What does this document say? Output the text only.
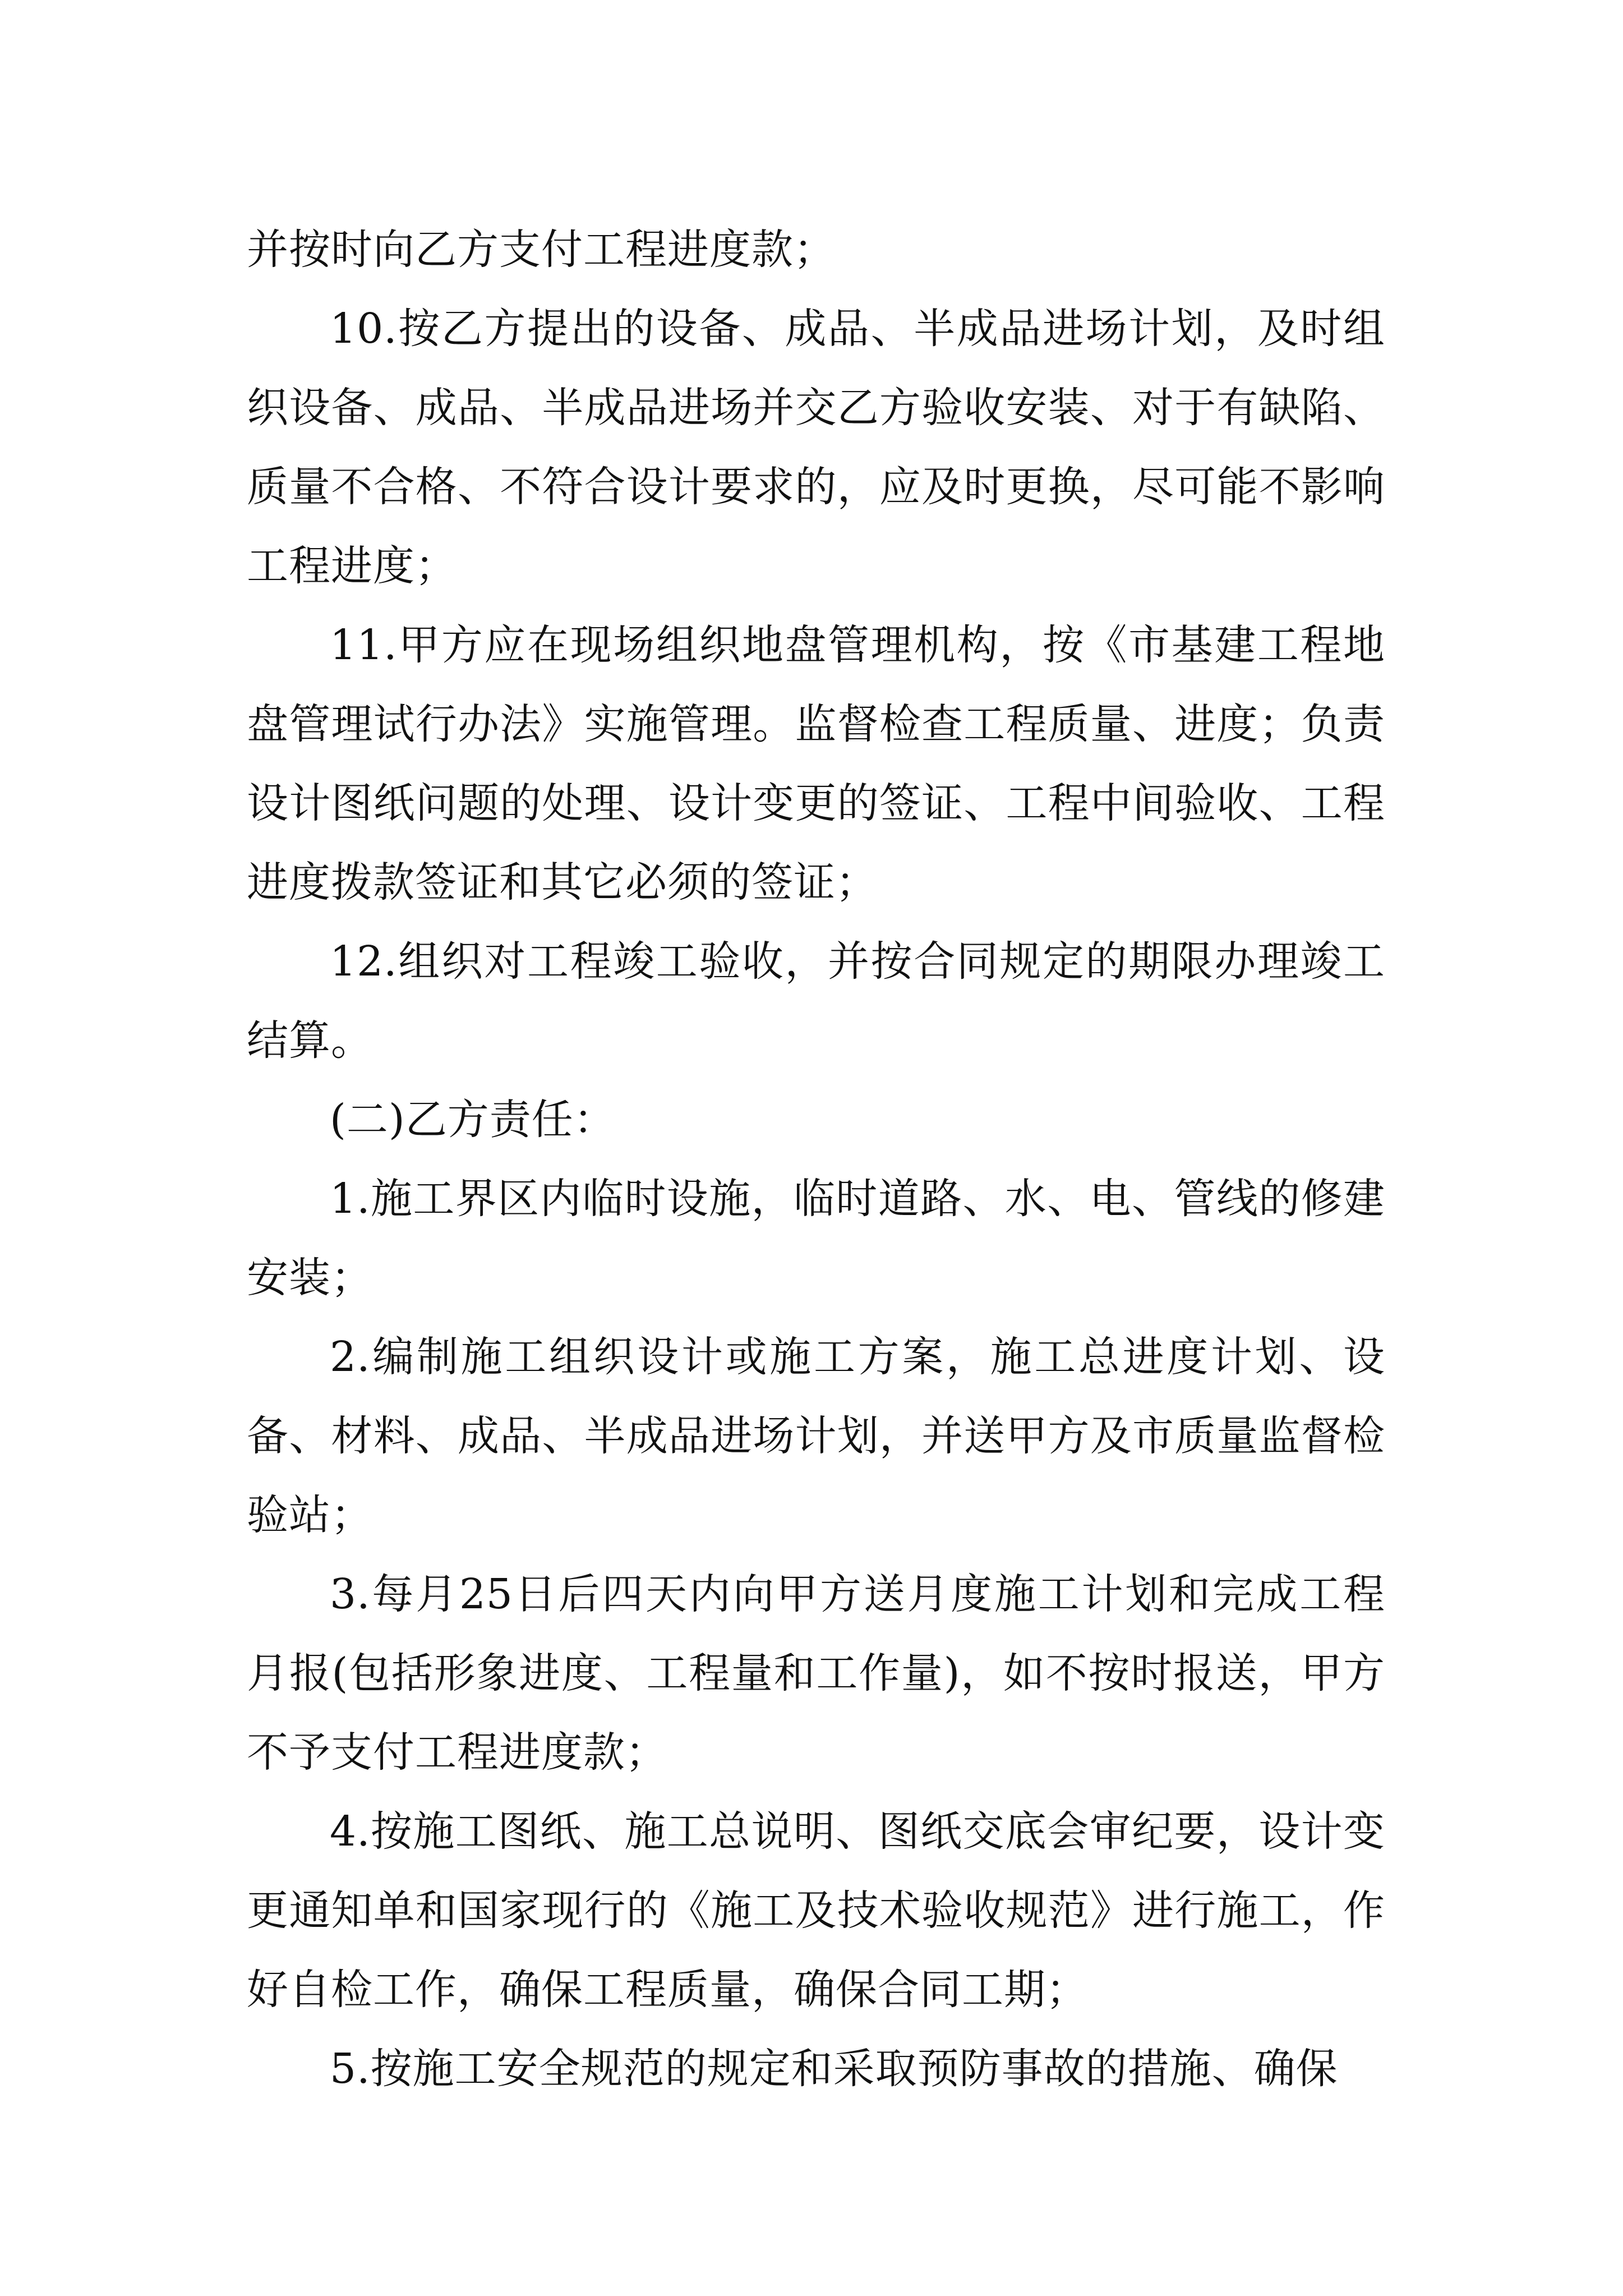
并按时向乙方支付工程进度款；

10.按乙方提出的设备、成品、半成品进场计划，及时组织设备、成品、半成品进场并交乙方验收安装、对于有缺陷、质量不合格、不符合设计要求的，应及时更换，尽可能不影响工程进度；

11.甲方应在现场组织地盘管理机构，按《市基建工程地盘管理试行办法》实施管理。监督检查工程质量、进度；负责设计图纸问题的处理、设计变更的签证、工程中间验收、工程进度拨款签证和其它必须的签证；

12.组织对工程竣工验收，并按合同规定的期限办理竣工结算。

(二)乙方责任：

1.施工界区内临时设施，临时道路、水、电、管线的修建安装；

2.编制施工组织设计或施工方案，施工总进度计划、设备、材料、成品、半成品进场计划，并送甲方及市质量监督检验站；

3.每月25日后四天内向甲方送月度施工计划和完成工程月报(包括形象进度、工程量和工作量)，如不按时报送，甲方不予支付工程进度款；

4.按施工图纸、施工总说明、图纸交底会审纪要，设计变更通知单和国家现行的《施工及技术验收规范》进行施工，作好自检工作，确保工程质量，确保合同工期；

5.按施工安全规范的规定和采取预防事故的措施、确保
